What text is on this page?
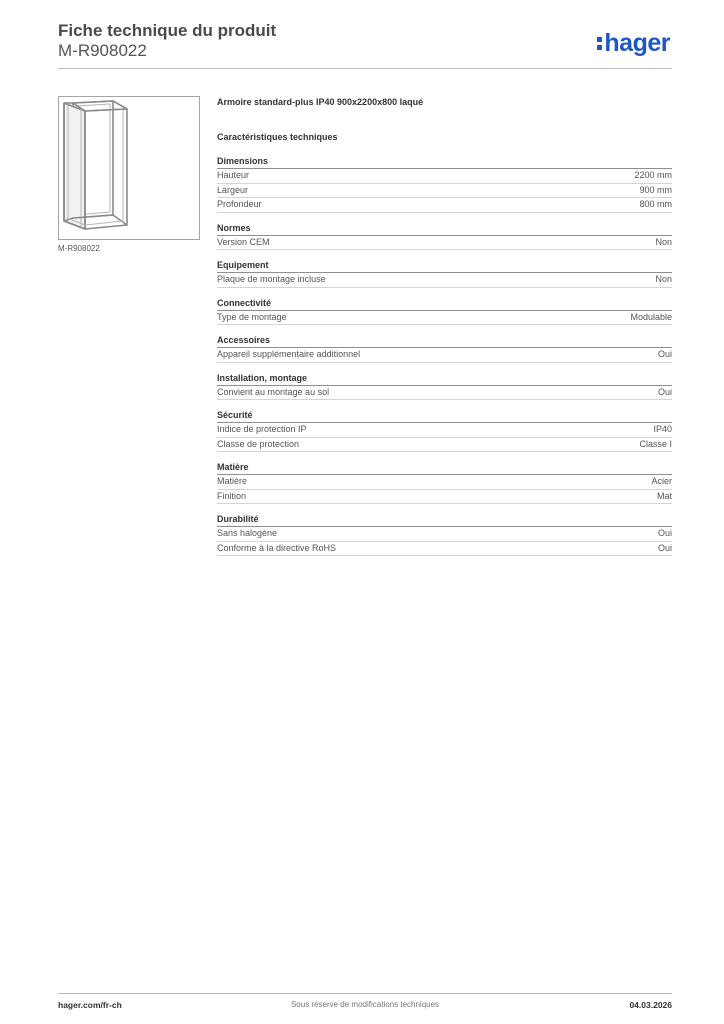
Fiche technique du produit
M-R908022	hager
M-R908022
Armoire standard-plus IP40 900x2200x800 laqué
Caractéristiques techniques
Dimensions
Hauteur	2200 mm
Largeur	900 mm
Profondeur	800 mm
Normes
Version CEM	Non
Equipement
Plaque de montage incluse	Non
Connectivité
Type de montage	Modulable
Accessoires
Appareil supplémentaire additionnel	Oui
Installation, montage
Convient au montage au sol	Oui
Sécurité
Indice de protection IP	IP40
Classe de protection	Classe I
Matière
Matière	Acier
Finition	Mat
Durabilité
Sans halogène	Oui
Conforme à la directive RoHS	Oui
hager.com/fr-ch	Sous réserve de modifications techniques	04.03.2026
